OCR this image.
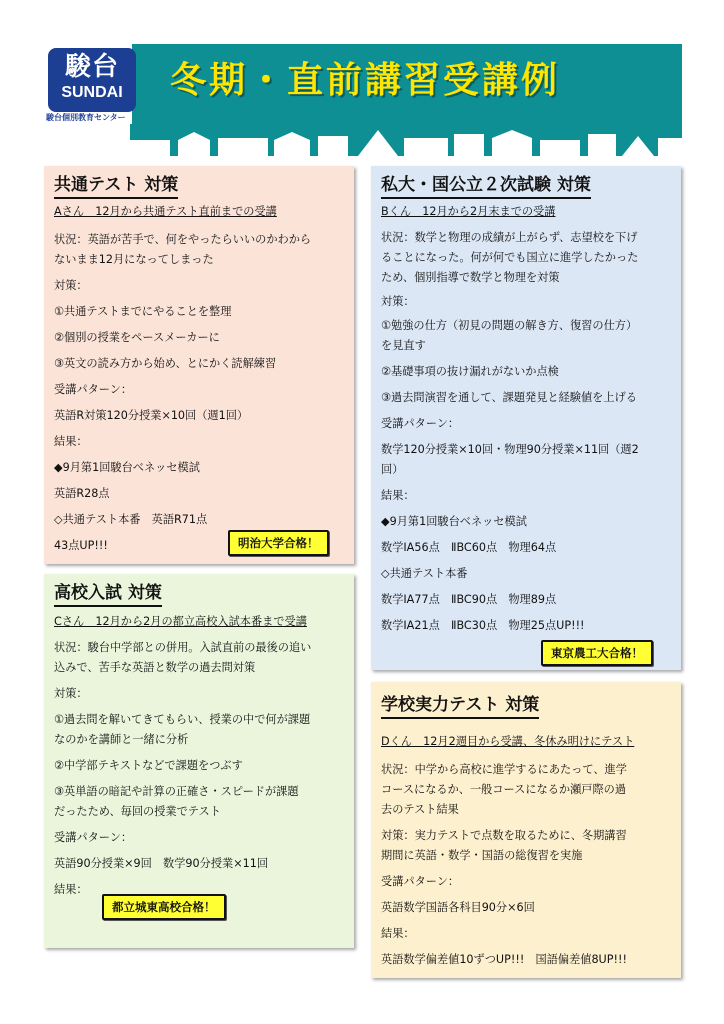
駿台
SUNDAI
駿台個別教育センター
冬期・直前講習受講例
共通テスト 対策
Aさん　12月から共通テスト直前までの受講
状況：英語が苦手で、何をやったらいいのかわから
ないまま12月になってしまった
対策：
①共通テストまでにやることを整理
②個別の授業をペースメーカーに
③英文の読み方から始め、とにかく読解練習
受講パターン：
英語R対策120分授業×10回（週1回）
結果：
◆9月第1回駿台ベネッセ模試
英語R28点
◇共通テスト本番　英語R71点
43点UP!!!	明治大学合格！
私大・国公立２次試験 対策
Bくん　12月から2月末までの受講
状況：数学と物理の成績が上がらず、志望校を下げ
ることになった。何が何でも国立に進学したかった
ため、個別指導で数学と物理を対策
対策：
①勉強の仕方（初見の問題の解き方、復習の仕方）
を見直す
②基礎事項の抜け漏れがないか点検
③過去問演習を通して、課題発見と経験値を上げる
受講パターン：
数学120分授業×10回・物理90分授業×11回（週2
回）
結果：
◆9月第1回駿台ベネッセ模試
数学ⅠA56点　ⅡBC60点　物理64点
◇共通テスト本番
数学ⅠA77点　ⅡBC90点　物理89点
数学ⅠA21点　ⅡBC30点　物理25点UP!!!
東京農工大合格！
高校入試 対策
Cさん　12月から2月の都立高校入試本番まで受講
状況：駿台中学部との併用。入試直前の最後の追い
込みで、苦手な英語と数学の過去問対策
対策：
①過去問を解いてきてもらい、授業の中で何が課題
なのかを講師と一緒に分析
②中学部テキストなどで課題をつぶす
③英単語の暗記や計算の正確さ・スピードが課題
だったため、毎回の授業でテスト
受講パターン：
英語90分授業×9回　数学90分授業×11回
結果：
都立城東高校合格！
学校実力テスト 対策
Dくん　12月2週目から受講、冬休み明けにテスト
状況：中学から高校に進学するにあたって、進学
コースになるか、一般コースになるか瀬戸際の過
去のテスト結果
対策：実力テストで点数を取るために、冬期講習
期間に英語・数学・国語の総復習を実施
受講パターン：
英語数学国語各科目90分×6回
結果：
英語数学偏差値10ずつUP!!!　国語偏差値8UP!!!
